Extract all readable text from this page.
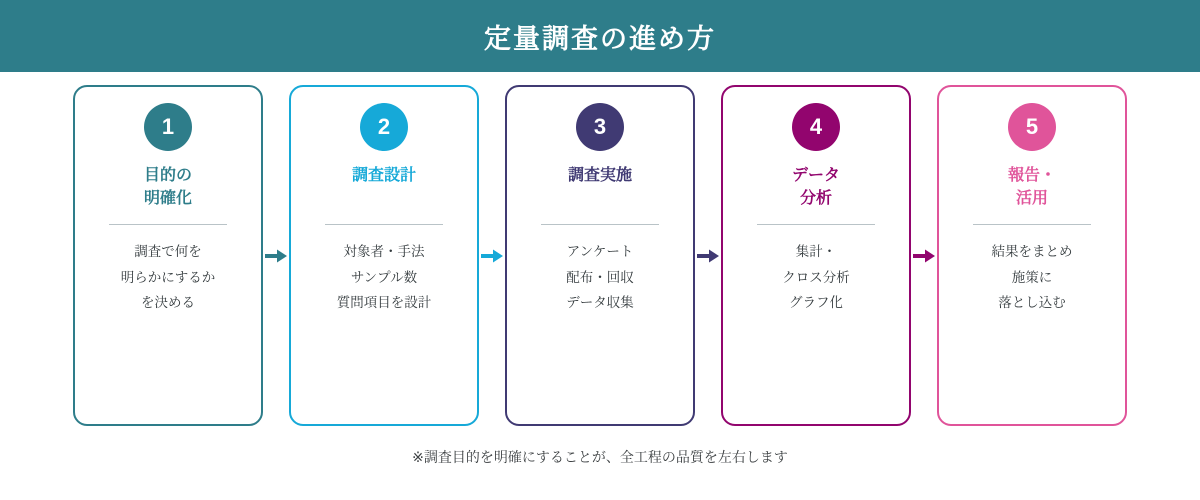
定量調査の進め方
1
目的の
明確化
調査で何を
明らかにするか
を決める
2
調査設計
対象者・手法
サンプル数
質問項目を設計
3
調査実施
アンケート
配布・回収
データ収集
4
データ
分析
集計・
クロス分析
グラフ化
5
報告・
活用
結果をまとめ
施策に
落とし込む
※調査目的を明確にすることが、全工程の品質を左右します
